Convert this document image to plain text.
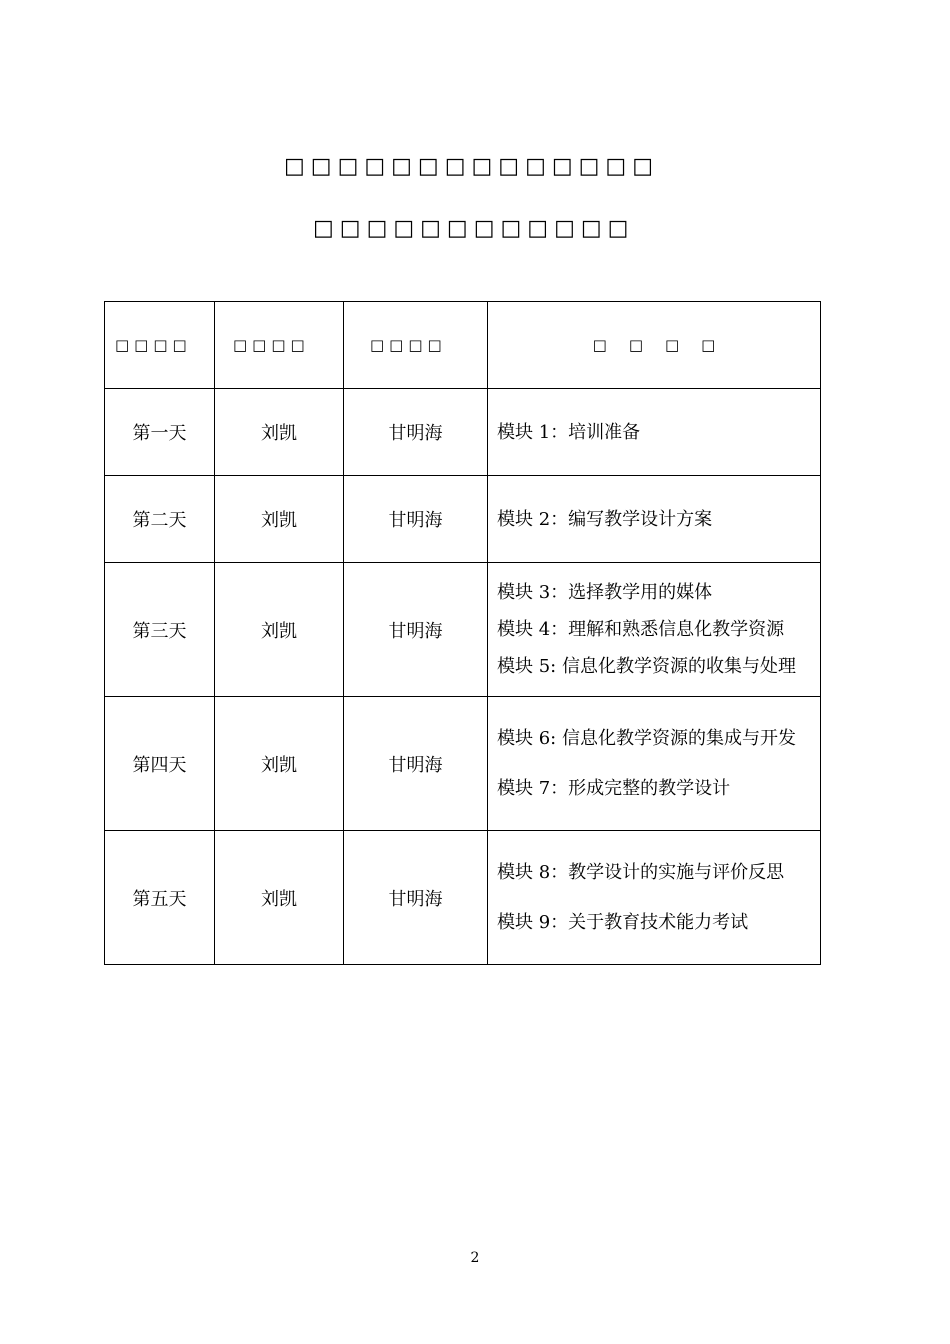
□□□□□□□□□□□□□□
□□□□□□□□□□□□
□□□□	□□□□	□□□□	□□□□
第一天	刘凯	甘明海	模块 1：培训准备

第二天	刘凯	甘明海	模块 2：编写教学设计方案

第三天	刘凯	甘明海	模块 3：选择教学用的媒体
模块 4：理解和熟悉信息化教学资源
模块 5: 信息化教学资源的收集与处理

第四天	刘凯	甘明海	模块 6: 信息化教学资源的集成与开发
模块 7：形成完整的教学设计

第五天	刘凯	甘明海	模块 8：教学设计的实施与评价反思
模块 9：关于教育技术能力考试
2
